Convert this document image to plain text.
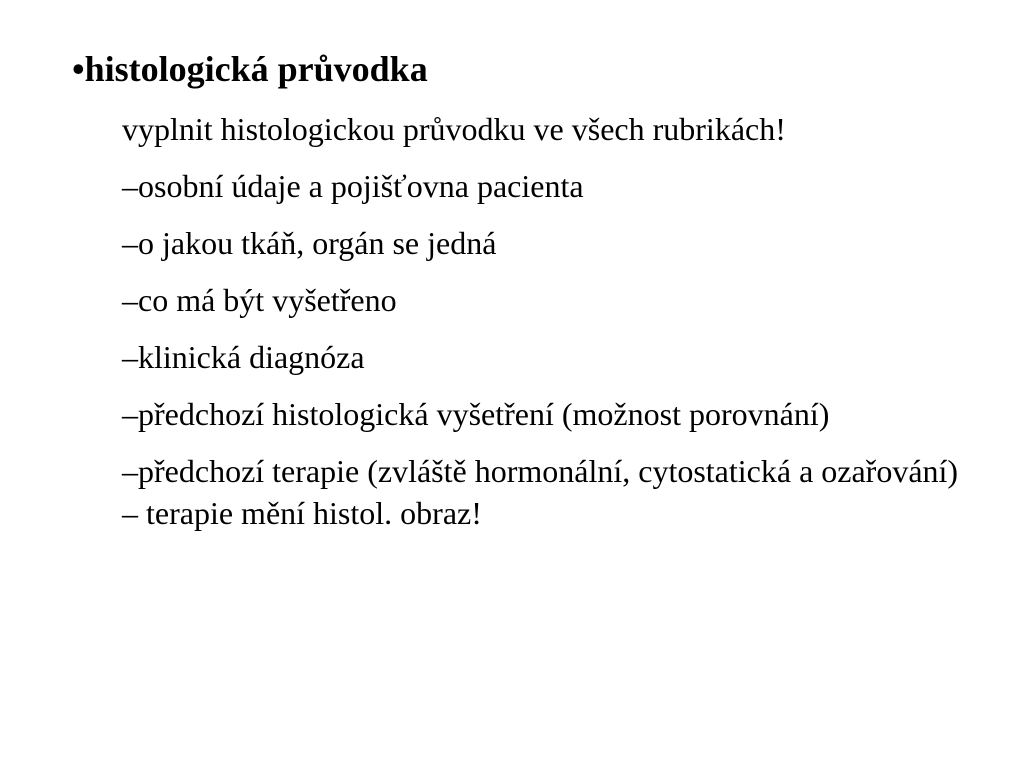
•histologická průvodka
vyplnit histologickou průvodku ve všech rubrikách!
–osobní údaje a pojišťovna pacienta
–o jakou tkáň, orgán se jedná
–co má být vyšetřeno
–klinická diagnóza
–předchozí histologická vyšetření (možnost porovnání)
–předchozí terapie (zvláště hormonální, cytostatická a ozařování) – terapie mění histol. obraz!
